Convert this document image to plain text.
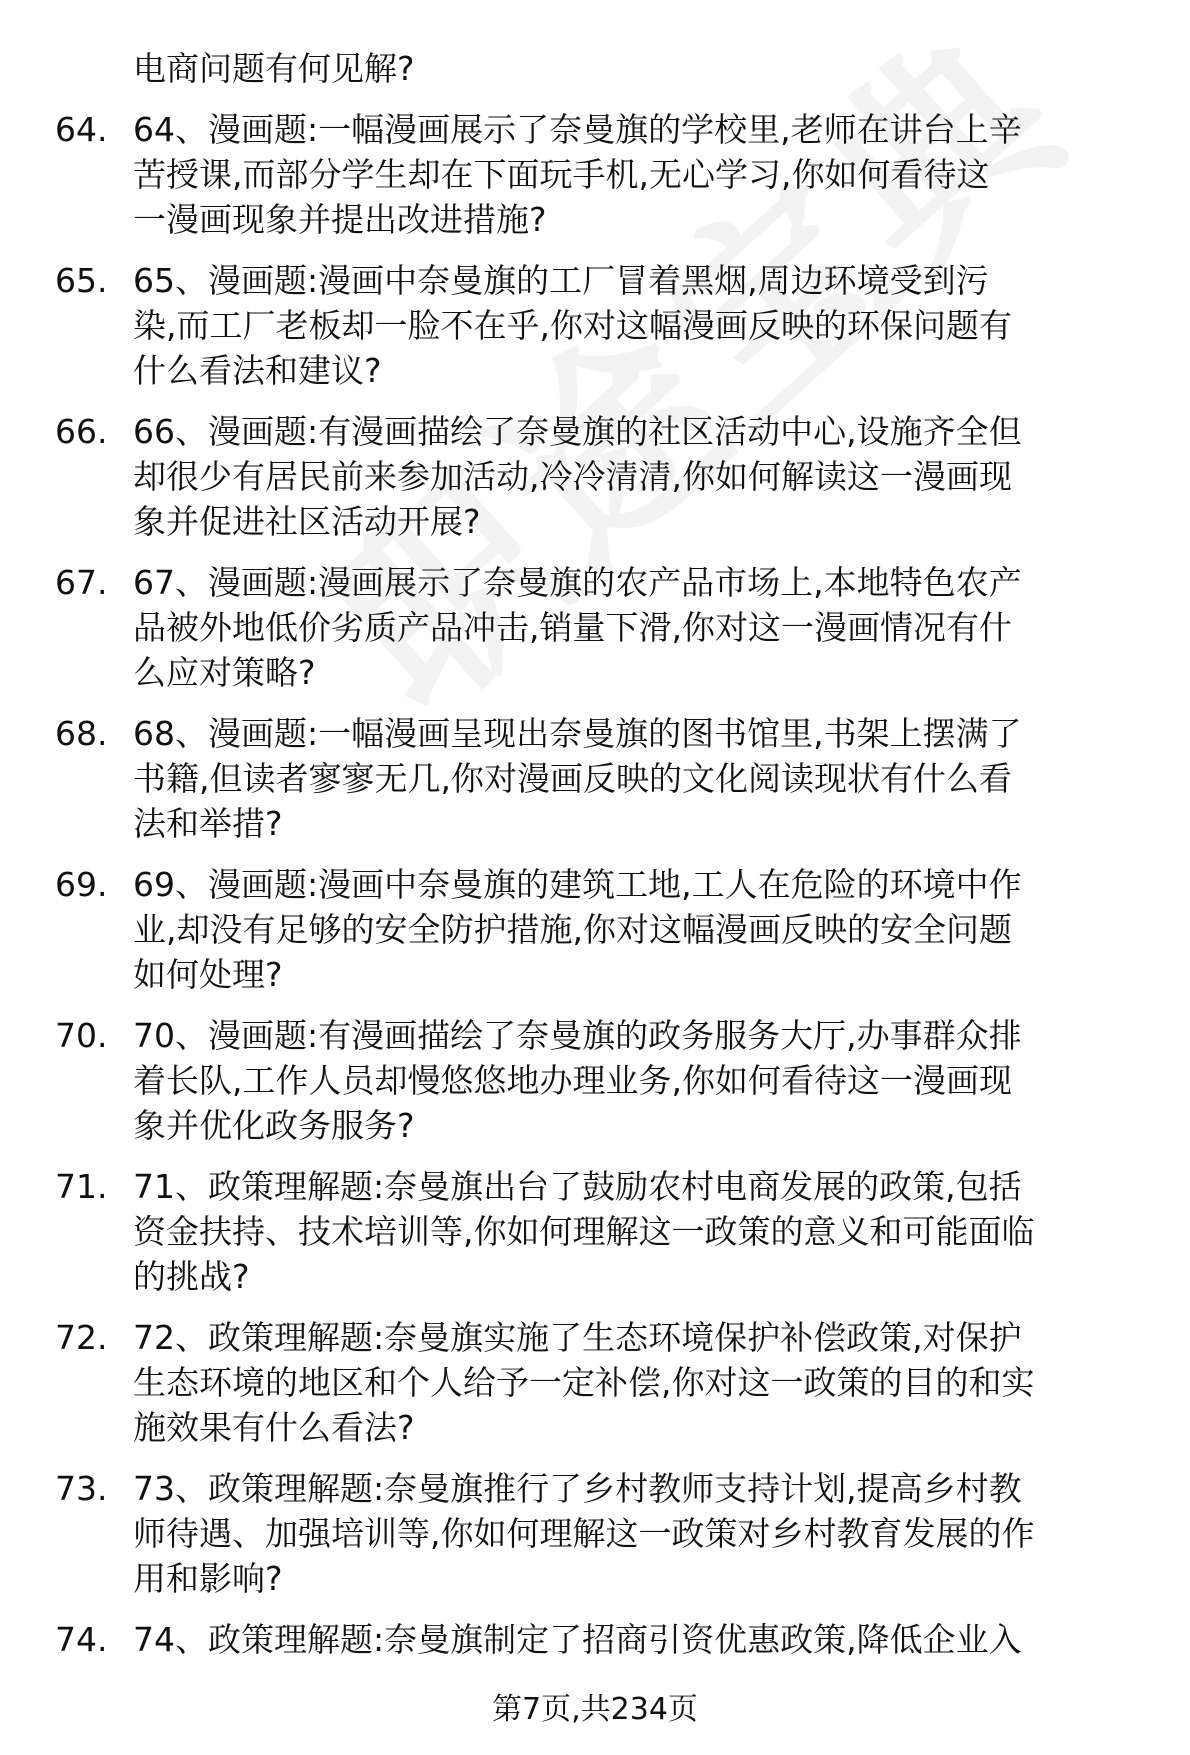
电商问题有何见解?
64. 64、漫画题:一幅漫画展示了奈曼旗的学校里,老师在讲台上辛
苦授课,而部分学生却在下面玩手机,无心学习,你如何看待这
一漫画现象并提出改进措施?
65. 65、漫画题:漫画中奈曼旗的工厂冒着黑烟,周边环境受到污
染,而工厂老板却一脸不在乎,你对这幅漫画反映的环保问题有
什么看法和建议?
66. 66、漫画题:有漫画描绘了奈曼旗的社区活动中心,设施齐全但
却很少有居民前来参加活动,冷冷清清,你如何解读这一漫画现
象并促进社区活动开展?
67. 67、漫画题:漫画展示了奈曼旗的农产品市场上,本地特色农产
品被外地低价劣质产品冲击,销量下滑,你对这一漫画情况有什
么应对策略?
68. 68、漫画题:一幅漫画呈现出奈曼旗的图书馆里,书架上摆满了
书籍,但读者寥寥无几,你对漫画反映的文化阅读现状有什么看
法和举措?
69. 69、漫画题:漫画中奈曼旗的建筑工地,工人在危险的环境中作
业,却没有足够的安全防护措施,你对这幅漫画反映的安全问题
如何处理?
70. 70、漫画题:有漫画描绘了奈曼旗的政务服务大厅,办事群众排
着长队,工作人员却慢悠悠地办理业务,你如何看待这一漫画现
象并优化政务服务?
71. 71、政策理解题:奈曼旗出台了鼓励农村电商发展的政策,包括
资金扶持、技术培训等,你如何理解这一政策的意义和可能面临
的挑战?
72. 72、政策理解题:奈曼旗实施了生态环境保护补偿政策,对保护
生态环境的地区和个人给予一定补偿,你对这一政策的目的和实
施效果有什么看法?
73. 73、政策理解题:奈曼旗推行了乡村教师支持计划,提高乡村教
师待遇、加强培训等,你如何理解这一政策对乡村教育发展的作
用和影响?
74. 74、政策理解题:奈曼旗制定了招商引资优惠政策,降低企业入
第7页,共234页
